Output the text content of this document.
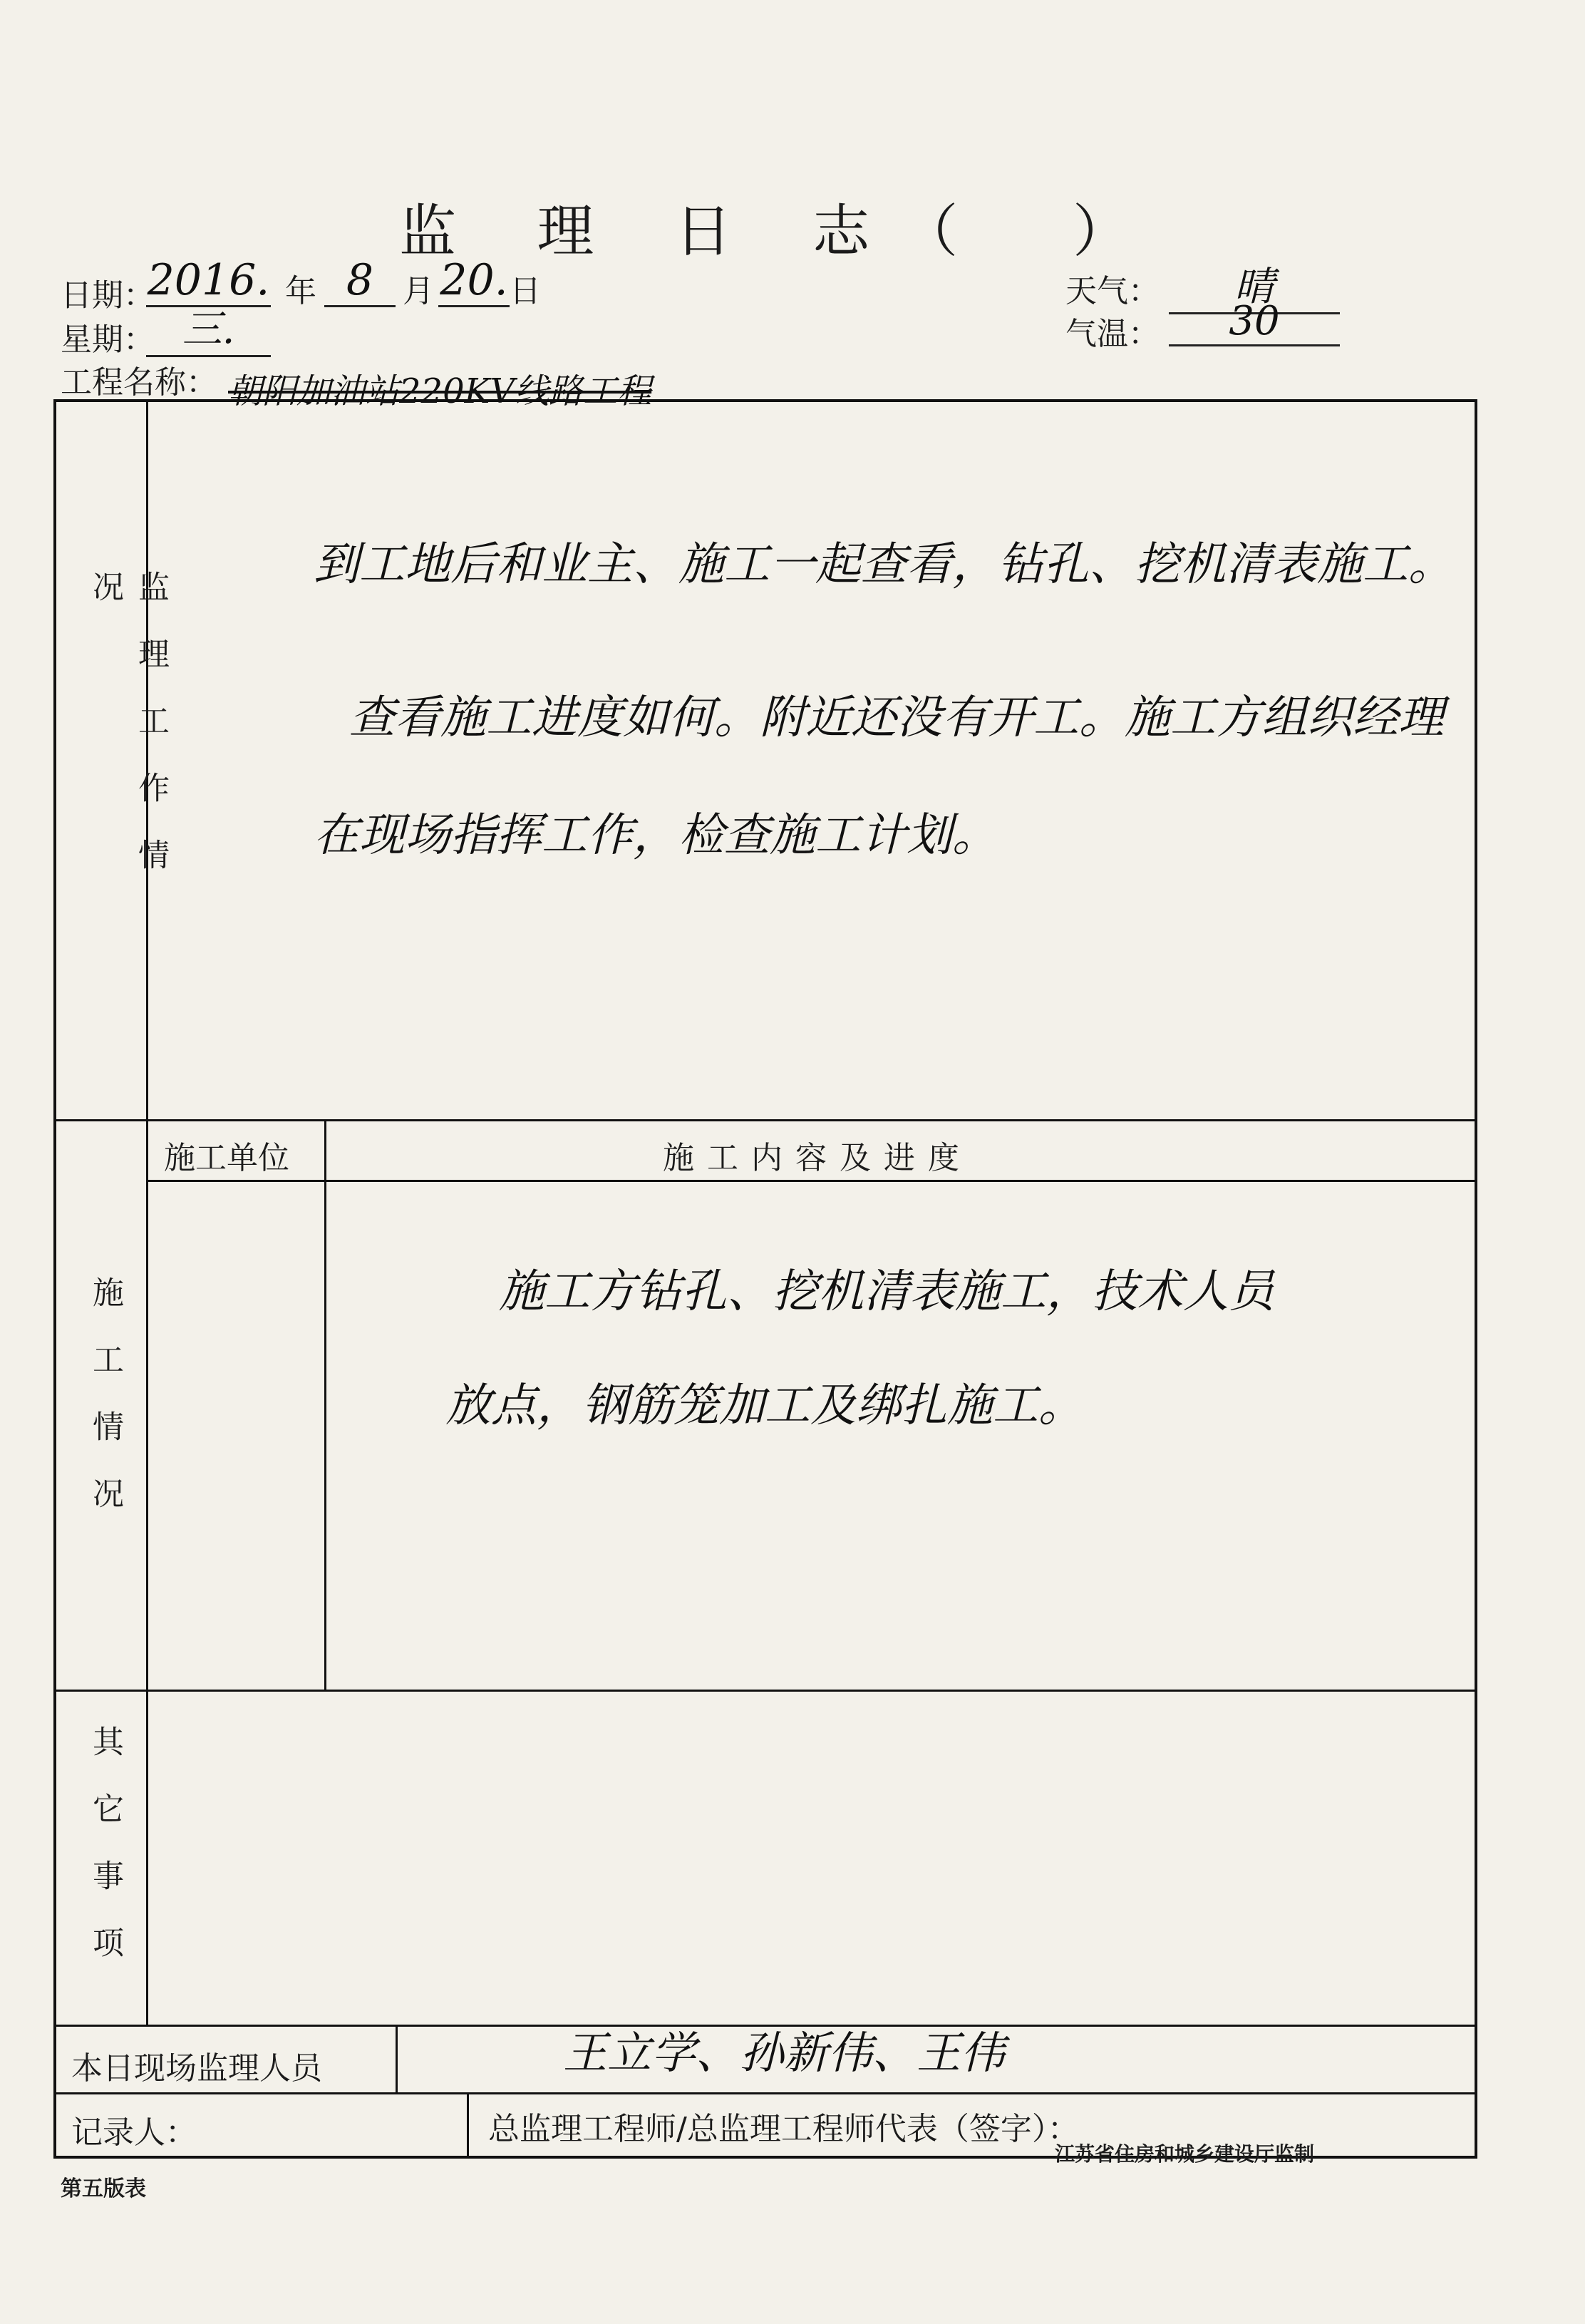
监 理 日 志（ ）
日期：
2016. 年 8 月 20. 日
星期： 三.
工程名称： 朝阳加油站220KV线路工程
天气：	晴
气温：	30
监理工作情况
到工地后和业主、施工一起查看，钻孔、挖机清表施工。
查看施工进度如何。附近还没有开工。施工方组织经理
在现场指挥工作，检查施工计划。
施工情况
施工单位	施 工 内 容 及 进 度
施工方钻孔、挖机清表施工，技术人员
放点，钢筋笼加工及绑扎施工。
其它事项
本日现场监理人员	王立学、孙新伟、王伟
记录人：	总监理工程师/总监理工程师代表（签字）：
第五版表
江苏省住房和城乡建设厅监制
